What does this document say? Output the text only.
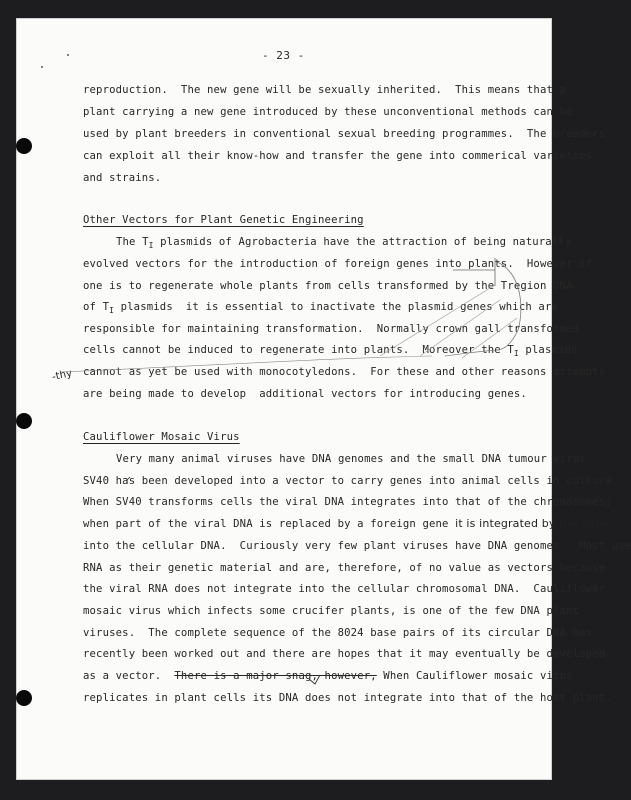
- 23 -
reproduction.  The new gene will be sexually inherited.  This means that a
plant carrying a new gene introduced by these unconventional methods can be
used by plant breeders in conventional sexual breeding programmes.  The breeders
can exploit all their know-how and transfer the gene into commerical varieties
and strains.
Other Vectors for Plant Genetic Engineering
The $T_I$ plasmids of Agrobacteria have the attraction of being naturally
evolved vectors for the introduction of foreign genes into plants.  However if
one is to regenerate whole plants from cells transformed by the Tregion DNA
of $T_I$ plasmids  it is essential to inactivate the plasmid genes which are
responsible for maintaining transformation.  Normally crown gall transformed
cells cannot be induced to regenerate into plants.  Moreover the $T_I$ plasmids
cannot as yet be used with monocotyledons.  For these and other reasons attempts
are being made to develop  additional vectors for introducing genes.
-thy
Cauliflower Mosaic Virus
Very many animal viruses have DNA genomes and the small DNA tumour virus
SV40 has been developed into a vector to carry genes into animal cells in culture.
When SV40 transforms cells the viral DNA integrates into that of the chromosomes;
when part of the viral DNA is replaced by a foreign gene it is integrated by the virus
into the cellular DNA.  Curiously very few plant viruses have DNA genomes.  Most use
RNA as their genetic material and are, therefore, of no value as vectors because
the viral RNA does not integrate into the cellular chromosomal DNA.  Cauliflower
mosaic virus which infects some crucifer plants, is one of the few DNA plant
viruses.  The complete sequence of the 8024 base pairs of its circular DNA has
recently been worked out and there are hopes that it may eventually be developed
as a vector.  There is a major snag, however, When Cauliflower mosaic virus
replicates in plant cells its DNA does not integrate into that of the host plant.
